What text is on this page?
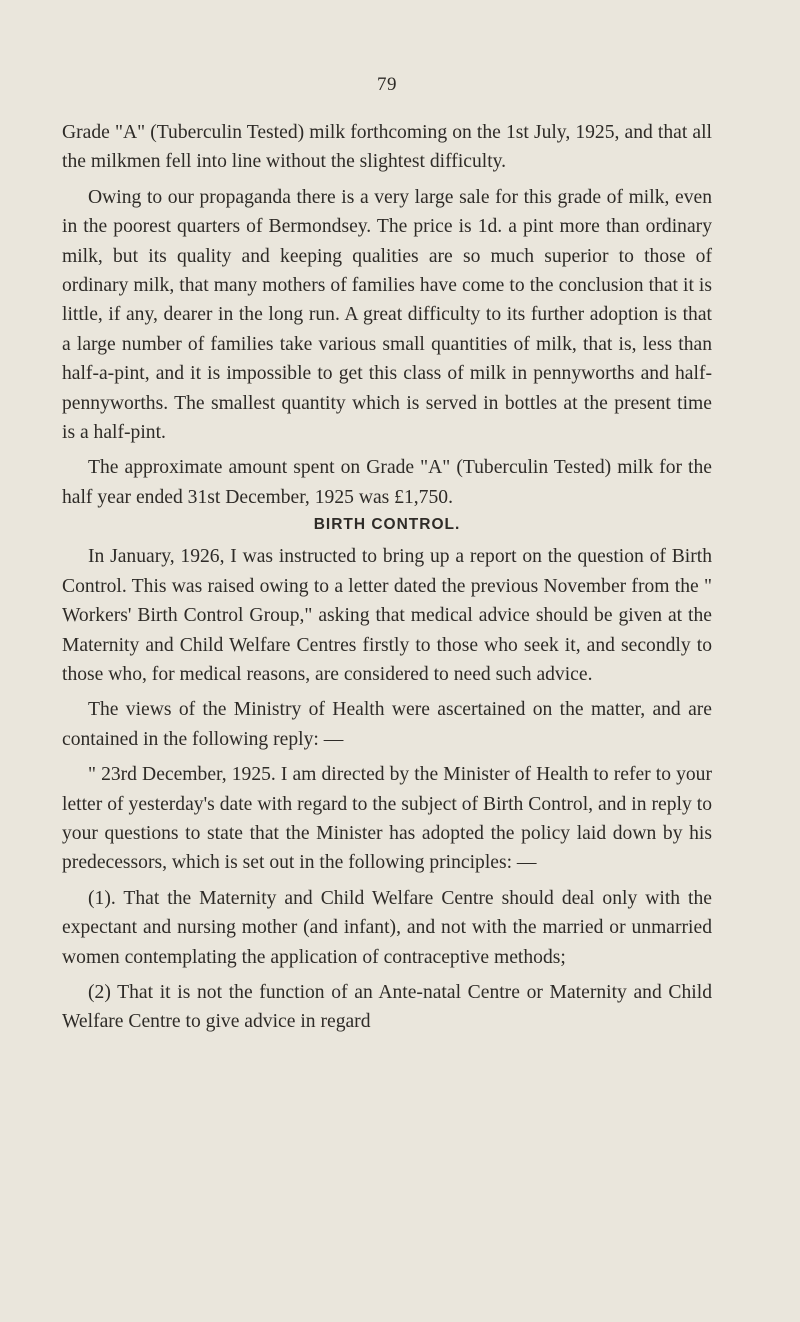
79

Grade "A" (Tuberculin Tested) milk forthcoming on the 1st July, 1925, and that all the milkmen fell into line without the slightest difficulty.

Owing to our propaganda there is a very large sale for this grade of milk, even in the poorest quarters of Bermondsey. The price is 1d. a pint more than ordinary milk, but its quality and keeping qualities are so much superior to those of ordinary milk, that many mothers of families have come to the conclusion that it is little, if any, dearer in the long run. A great difficulty to its further adoption is that a large number of families take various small quantities of milk, that is, less than half-a-pint, and it is impossible to get this class of milk in pennyworths and half-pennyworths. The smallest quantity which is served in bottles at the present time is a half-pint.

The approximate amount spent on Grade "A" (Tuberculin Tested) milk for the half year ended 31st December, 1925 was £1,750.

BIRTH CONTROL.

In January, 1926, I was instructed to bring up a report on the question of Birth Control. This was raised owing to a letter dated the previous November from the " Workers' Birth Control Group," asking that medical advice should be given at the Maternity and Child Welfare Centres firstly to those who seek it, and secondly to those who, for medical reasons, are considered to need such advice.

The views of the Ministry of Health were ascertained on the matter, and are contained in the following reply: —

" 23rd December, 1925. I am directed by the Minister of Health to refer to your letter of yesterday's date with regard to the subject of Birth Control, and in reply to your questions to state that the Minister has adopted the policy laid down by his predecessors, which is set out in the following principles: —

(1). That the Maternity and Child Welfare Centre should deal only with the expectant and nursing mother (and infant), and not with the married or unmarried women contemplating the application of contraceptive methods;

(2) That it is not the function of an Ante-natal Centre or Maternity and Child Welfare Centre to give advice in regard
